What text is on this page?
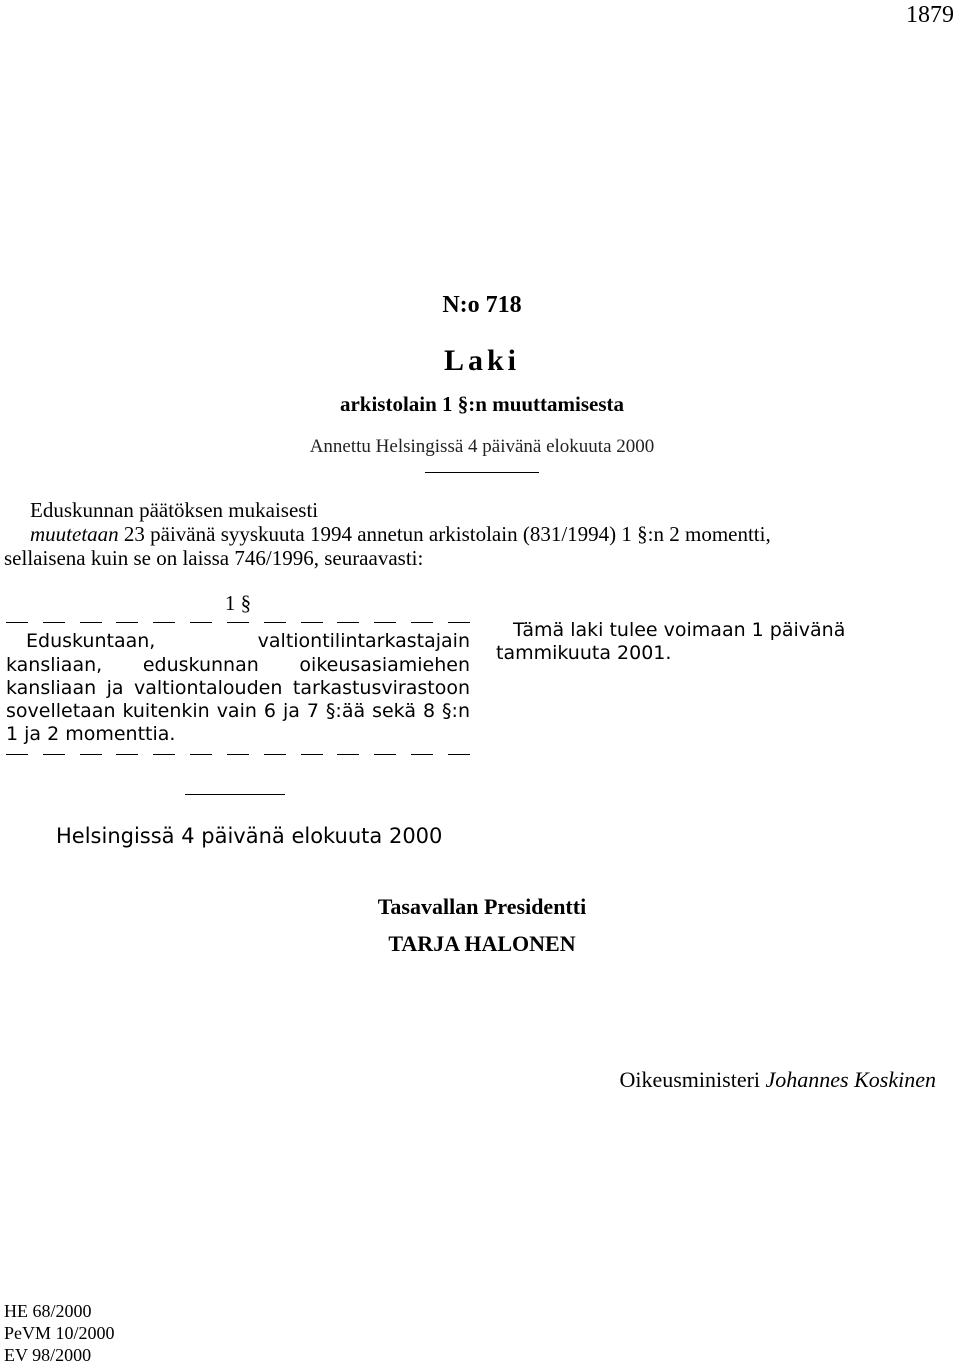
1879
N:o 718
Laki
arkistolain 1 §:n muuttamisesta
Annettu Helsingissä 4 päivänä elokuuta 2000

Eduskunnan päätöksen mukaisesti

muutetaan 23 päivänä syyskuuta 1994 annetun arkistolain (831/1994) 1 §:n 2 momentti,

sellaisena kuin se on laissa 746/1996, seuraavasti:

1 §

Eduskuntaan, valtiontilintarkastajain kansliaan, eduskunnan oikeusasiamiehen kansliaan ja valtiontalouden tarkastusvirastoon sovelletaan kuitenkin vain 6 ja 7 §:ää sekä 8 §:n 1 ja 2 momenttia.

Tämä laki tulee voimaan 1 päivänä tammikuuta 2001.
Helsingissä 4 päivänä elokuuta 2000
Tasavallan Presidentti
TARJA HALONEN
Oikeusministeri Johannes Koskinen
HE 68/2000
PeVM 10/2000
EV 98/2000
